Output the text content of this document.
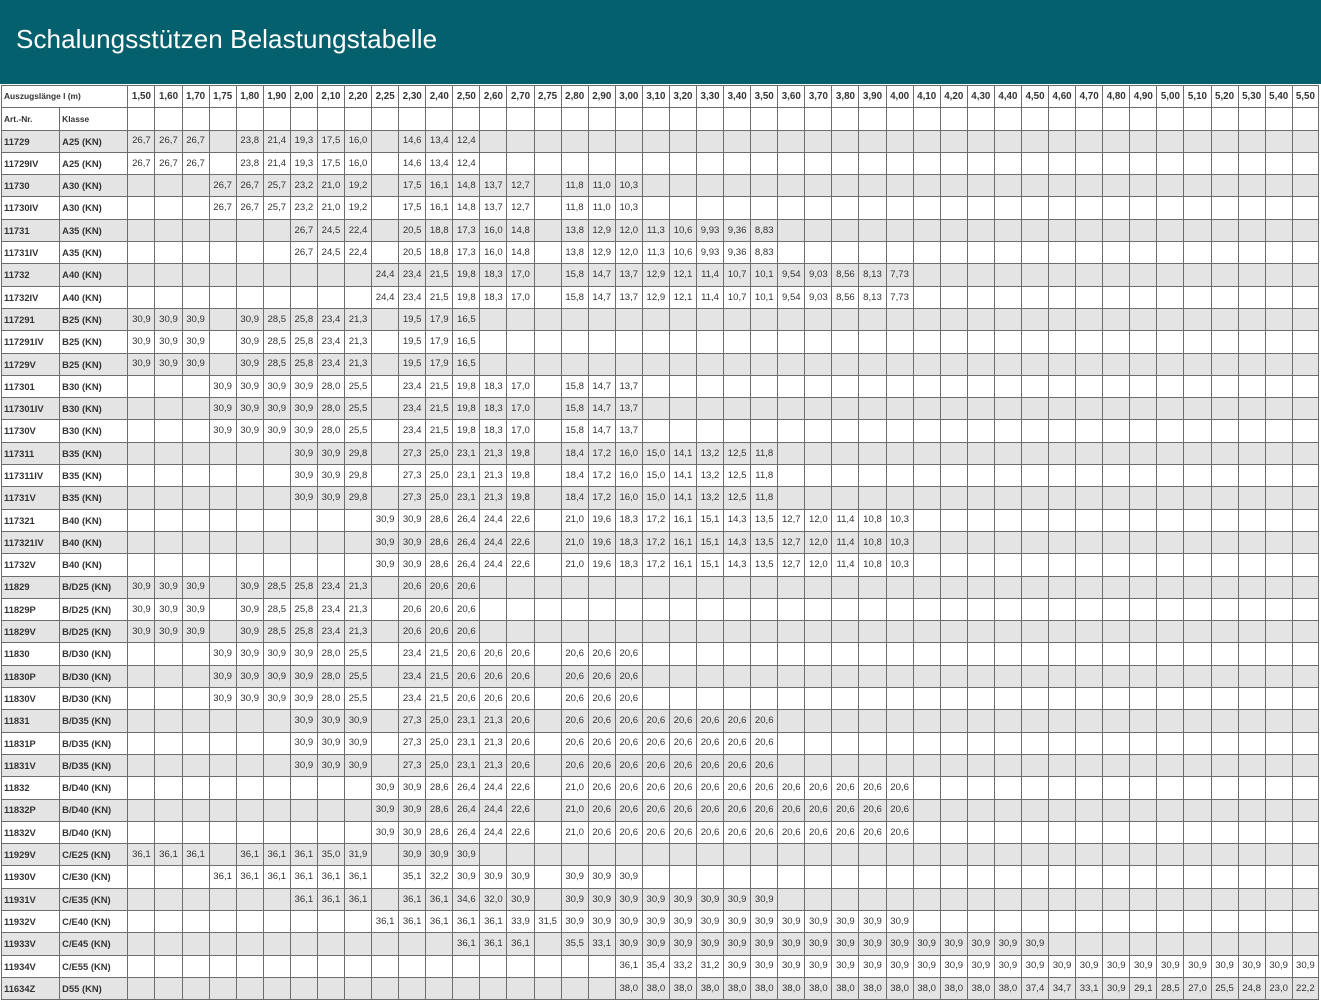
Schalungsstützen Belastungstabelle
Auszugslänge l (m)		1,50	1,60	1,70	1,75	1,80	1,90	2,00	2,10	2,20	2,25	2,30	2,40	2,50	2,60	2,70	2,75	2,80	2,90	3,00	3,10	3,20	3,30	3,40	3,50	3,60	3,70	3,80	3,90	4,00	4,10	4,20	4,30	4,40	4,50	4,60	4,70	4,80	4,90	5,00	5,10	5,20	5,30	5,40	5,50
Art.-Nr.	Klasse																																												
11729	A25 (KN)	26,7	26,7	26,7		23,8	21,4	19,3	17,5	16,0		14,6	13,4	12,4																															
11729IV	A25 (KN)	26,7	26,7	26,7		23,8	21,4	19,3	17,5	16,0		14,6	13,4	12,4																															
11730	A30 (KN)				26,7	26,7	25,7	23,2	21,0	19,2		17,5	16,1	14,8	13,7	12,7		11,8	11,0	10,3																									
11730IV	A30 (KN)				26,7	26,7	25,7	23,2	21,0	19,2		17,5	16,1	14,8	13,7	12,7		11,8	11,0	10,3																									
11731	A35 (KN)							26,7	24,5	22,4		20,5	18,8	17,3	16,0	14,8		13,8	12,9	12,0	11,3	10,6	9,93	9,36	8,83																				
11731IV	A35 (KN)							26,7	24,5	22,4		20,5	18,8	17,3	16,0	14,8		13,8	12,9	12,0	11,3	10,6	9,93	9,36	8,83																				
11732	A40 (KN)										24,4	23,4	21,5	19,8	18,3	17,0		15,8	14,7	13,7	12,9	12,1	11,4	10,7	10,1	9,54	9,03	8,56	8,13	7,73															
11732IV	A40 (KN)										24,4	23,4	21,5	19,8	18,3	17,0		15,8	14,7	13,7	12,9	12,1	11,4	10,7	10,1	9,54	9,03	8,56	8,13	7,73															
117291	B25 (KN)	30,9	30,9	30,9		30,9	28,5	25,8	23,4	21,3		19,5	17,9	16,5																															
117291IV	B25 (KN)	30,9	30,9	30,9		30,9	28,5	25,8	23,4	21,3		19,5	17,9	16,5																															
11729V	B25 (KN)	30,9	30,9	30,9		30,9	28,5	25,8	23,4	21,3		19,5	17,9	16,5																															
117301	B30 (KN)				30,9	30,9	30,9	30,9	28,0	25,5		23,4	21,5	19,8	18,3	17,0		15,8	14,7	13,7																									
117301IV	B30 (KN)				30,9	30,9	30,9	30,9	28,0	25,5		23,4	21,5	19,8	18,3	17,0		15,8	14,7	13,7																									
11730V	B30 (KN)				30,9	30,9	30,9	30,9	28,0	25,5		23,4	21,5	19,8	18,3	17,0		15,8	14,7	13,7																									
117311	B35 (KN)							30,9	30,9	29,8		27,3	25,0	23,1	21,3	19,8		18,4	17,2	16,0	15,0	14,1	13,2	12,5	11,8																				
117311IV	B35 (KN)							30,9	30,9	29,8		27,3	25,0	23,1	21,3	19,8		18,4	17,2	16,0	15,0	14,1	13,2	12,5	11,8																				
11731V	B35 (KN)							30,9	30,9	29,8		27,3	25,0	23,1	21,3	19,8		18,4	17,2	16,0	15,0	14,1	13,2	12,5	11,8																				
117321	B40 (KN)										30,9	30,9	28,6	26,4	24,4	22,6		21,0	19,6	18,3	17,2	16,1	15,1	14,3	13,5	12,7	12,0	11,4	10,8	10,3															
117321IV	B40 (KN)										30,9	30,9	28,6	26,4	24,4	22,6		21,0	19,6	18,3	17,2	16,1	15,1	14,3	13,5	12,7	12,0	11,4	10,8	10,3															
11732V	B40 (KN)										30,9	30,9	28,6	26,4	24,4	22,6		21,0	19,6	18,3	17,2	16,1	15,1	14,3	13,5	12,7	12,0	11,4	10,8	10,3															
11829	B/D25 (KN)	30,9	30,9	30,9		30,9	28,5	25,8	23,4	21,3		20,6	20,6	20,6																															
11829P	B/D25 (KN)	30,9	30,9	30,9		30,9	28,5	25,8	23,4	21,3		20,6	20,6	20,6																															
11829V	B/D25 (KN)	30,9	30,9	30,9		30,9	28,5	25,8	23,4	21,3		20,6	20,6	20,6																															
11830	B/D30 (KN)				30,9	30,9	30,9	30,9	28,0	25,5		23,4	21,5	20,6	20,6	20,6		20,6	20,6	20,6																									
11830P	B/D30 (KN)				30,9	30,9	30,9	30,9	28,0	25,5		23,4	21,5	20,6	20,6	20,6		20,6	20,6	20,6																									
11830V	B/D30 (KN)				30,9	30,9	30,9	30,9	28,0	25,5		23,4	21,5	20,6	20,6	20,6		20,6	20,6	20,6																									
11831	B/D35 (KN)							30,9	30,9	30,9		27,3	25,0	23,1	21,3	20,6		20,6	20,6	20,6	20,6	20,6	20,6	20,6	20,6																				
11831P	B/D35 (KN)							30,9	30,9	30,9		27,3	25,0	23,1	21,3	20,6		20,6	20,6	20,6	20,6	20,6	20,6	20,6	20,6																				
11831V	B/D35 (KN)							30,9	30,9	30,9		27,3	25,0	23,1	21,3	20,6		20,6	20,6	20,6	20,6	20,6	20,6	20,6	20,6																				
11832	B/D40 (KN)										30,9	30,9	28,6	26,4	24,4	22,6		21,0	20,6	20,6	20,6	20,6	20,6	20,6	20,6	20,6	20,6	20,6	20,6	20,6															
11832P	B/D40 (KN)										30,9	30,9	28,6	26,4	24,4	22,6		21,0	20,6	20,6	20,6	20,6	20,6	20,6	20,6	20,6	20,6	20,6	20,6	20,6															
11832V	B/D40 (KN)										30,9	30,9	28,6	26,4	24,4	22,6		21,0	20,6	20,6	20,6	20,6	20,6	20,6	20,6	20,6	20,6	20,6	20,6	20,6															
11929V	C/E25 (KN)	36,1	36,1	36,1		36,1	36,1	36,1	35,0	31,9		30,9	30,9	30,9																															
11930V	C/E30 (KN)				36,1	36,1	36,1	36,1	36,1	36,1		35,1	32,2	30,9	30,9	30,9		30,9	30,9	30,9																									
11931V	C/E35 (KN)							36,1	36,1	36,1		36,1	36,1	34,6	32,0	30,9		30,9	30,9	30,9	30,9	30,9	30,9	30,9	30,9																				
11932V	C/E40 (KN)										36,1	36,1	36,1	36,1	36,1	33,9	31,5	30,9	30,9	30,9	30,9	30,9	30,9	30,9	30,9	30,9	30,9	30,9	30,9	30,9															
11933V	C/E45 (KN)													36,1	36,1	36,1		35,5	33,1	30,9	30,9	30,9	30,9	30,9	30,9	30,9	30,9	30,9	30,9	30,9	30,9	30,9	30,9	30,9	30,9										
11934V	C/E55 (KN)																			36,1	35,4	33,2	31,2	30,9	30,9	30,9	30,9	30,9	30,9	30,9	30,9	30,9	30,9	30,9	30,9	30,9	30,9	30,9	30,9	30,9	30,9	30,9	30,9	30,9	30,9
11634Z	D55 (KN)																			38,0	38,0	38,0	38,0	38,0	38,0	38,0	38,0	38,0	38,0	38,0	38,0	38,0	38,0	38,0	37,4	34,7	33,1	30,9	29,1	28,5	27,0	25,5	24,8	23,0	22,2
